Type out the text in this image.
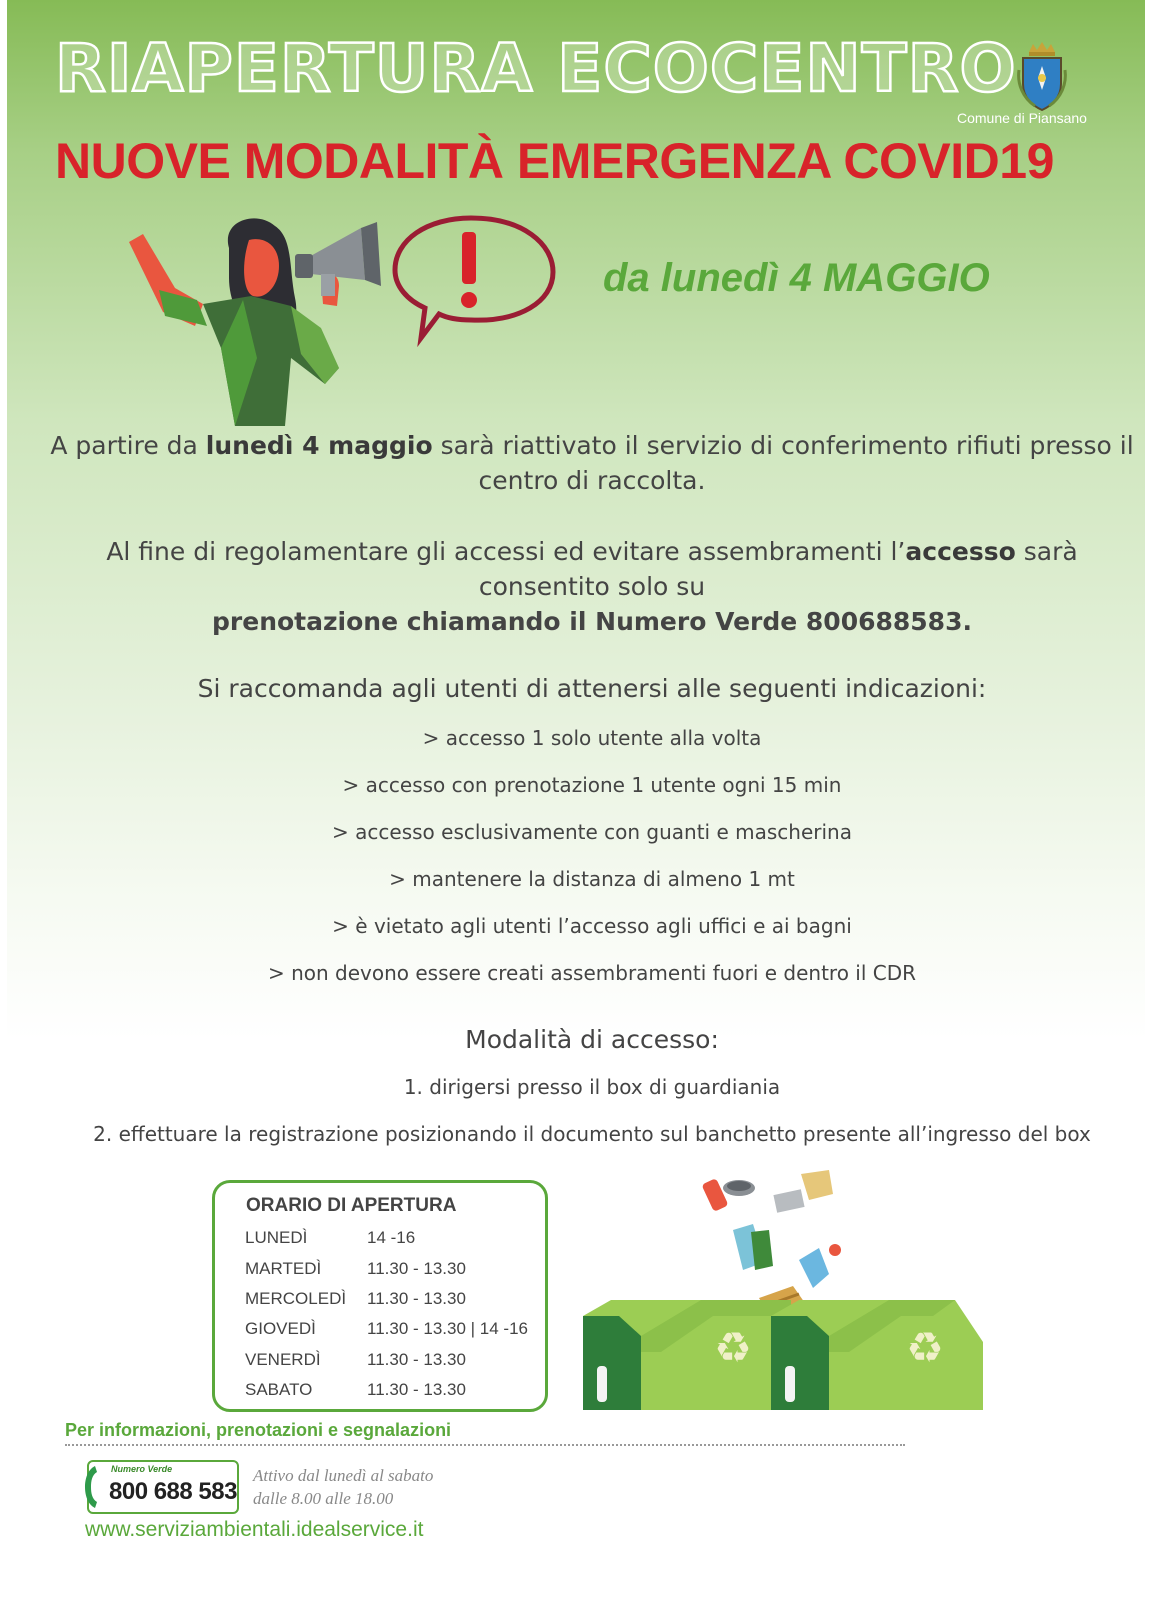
RIAPERTURA ECOCENTRO
NUOVE MODALITÀ EMERGENZA COVID19
Comune di Piansano
da lunedì 4 MAGGIO
A partire da lunedì 4 maggio sarà riattivato il servizio di conferimento rifiuti presso il centro di raccolta.
Al fine di regolamentare gli accessi ed evitare assembramenti l’accesso sarà consentito solo su
prenotazione chiamando il Numero Verde 800688583.
Si raccomanda agli utenti di attenersi alle seguenti indicazioni:
> accesso 1 solo utente alla volta
> accesso con prenotazione 1 utente ogni 15 min
> accesso esclusivamente con guanti e mascherina
> mantenere la distanza di almeno 1 mt
> è vietato agli utenti l’accesso agli uffici e ai bagni
> non devono essere creati assembramenti fuori e dentro il CDR
Modalità di accesso:
1. dirigersi presso il box di guardiania
2. effettuare la registrazione posizionando il documento sul banchetto presente all’ingresso del box
ORARIO DI APERTURA
LUNEDÌ	14 -16
MARTEDÌ	11.30 - 13.30
MERCOLEDÌ	11.30 - 13.30
GIOVEDÌ	11.30 - 13.30 | 14 -16
VENERDÌ	11.30 - 13.30
SABATO	11.30 - 13.30
♻	♻
Per informazioni, prenotazioni e segnalazioni
Numero Verde
800 688 583
Attivo dal lunedì al sabato
dalle 8.00 alle 18.00
www.serviziambientali.idealservice.it
